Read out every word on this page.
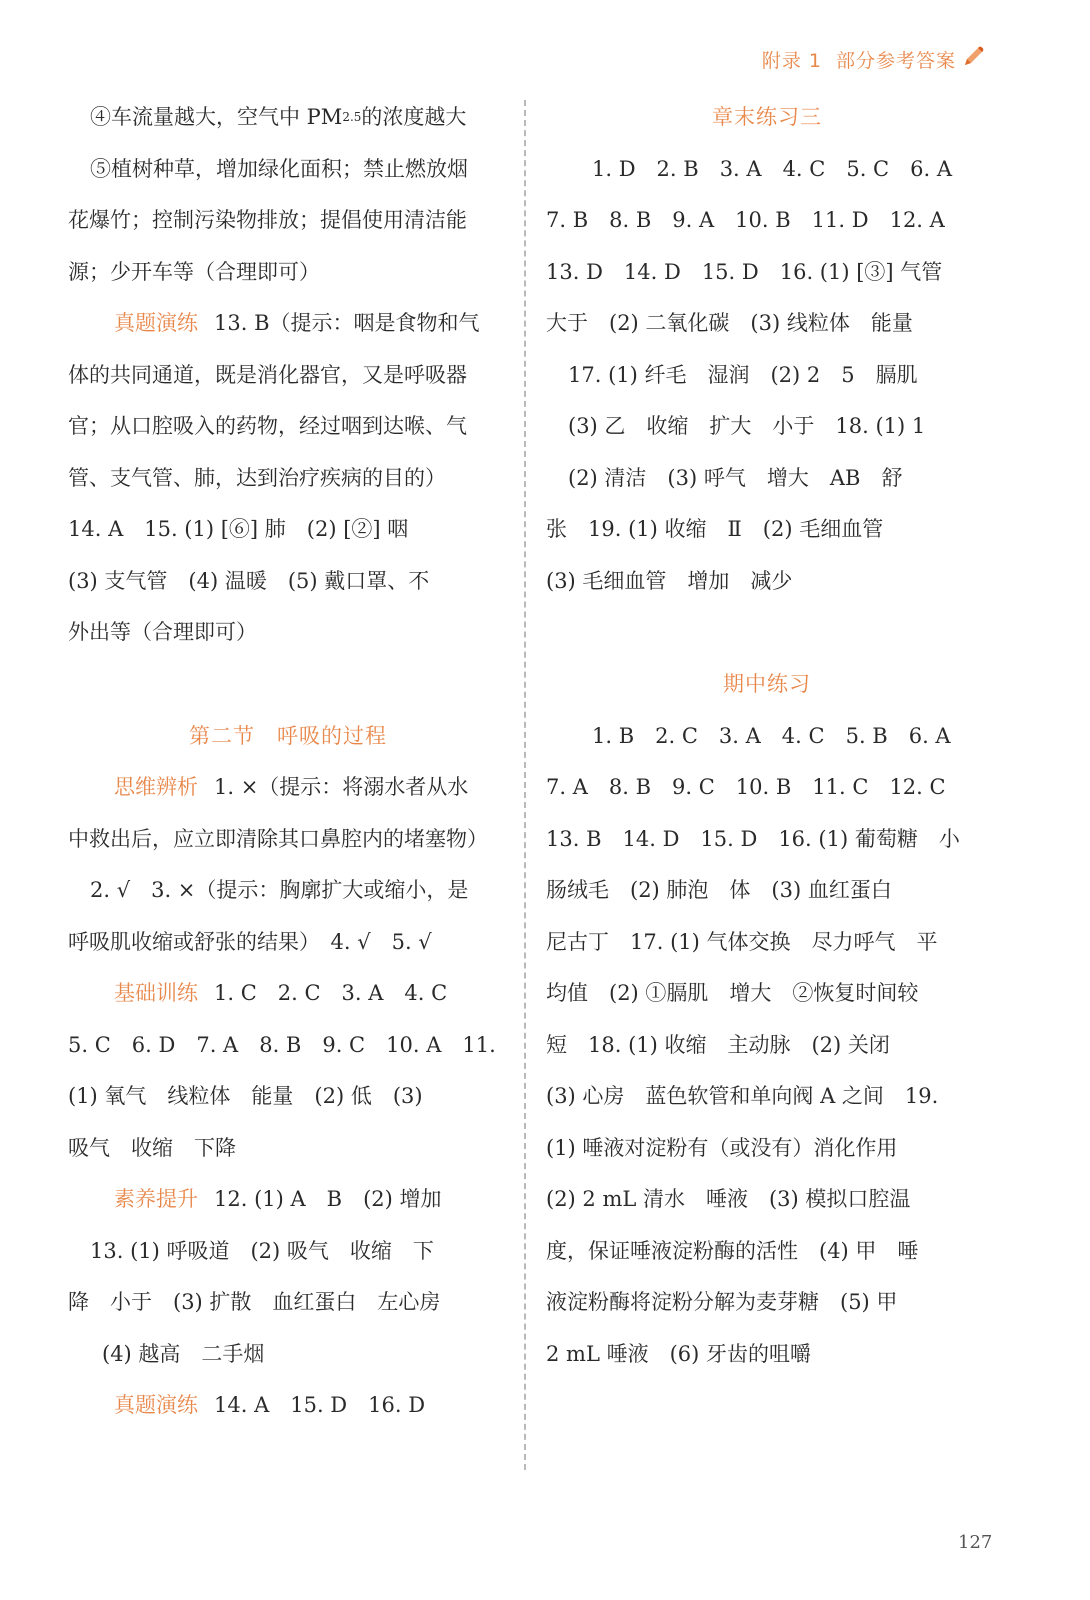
附录 1 部分参考答案
④车流量越大，空气中 PM 2.5 的浓度越大
⑤植树种草，增加绿化面积；禁止燃放烟
花爆竹；控制污染物排放；提倡使用清洁能
源；少开车等（合理即可）
真题演练 13. B（提示：咽是食物和气
体的共同通道，既是消化器官，又是呼吸器
官；从口腔吸入的药物，经过咽到达喉、气
管、支气管、肺，达到治疗疾病的目的）
14. A　15. (1) [⑥] 肺　(2) [②] 咽
(3) 支气管　(4) 温暖　(5) 戴口罩、不
外出等（合理即可）
第二节　呼吸的过程
思维辨析 1. ×（提示：将溺水者从水
中救出后，应立即清除其口鼻腔内的堵塞物）
2. √　3. ×（提示：胸廓扩大或缩小，是
呼吸肌收缩或舒张的结果）　4. √　5. √
基础训练 1. C　2. C　3. A　4. C
5. C　6. D　7. A　8. B　9. C　10. A　11.
(1) 氧气　线粒体　能量　(2) 低　(3)
吸气　收缩　下降
素养提升 12. (1) A　B　(2) 增加
13. (1) 呼吸道　(2) 吸气　收缩　下
降　小于　(3) 扩散　血红蛋白　左心房
(4) 越高　二手烟
真题演练 14. A　15. D　16. D
章末练习三
1. D　2. B　3. A　4. C　5. C　6. A
7. B　8. B　9. A　10. B　11. D　12. A
13. D　14. D　15. D　16. (1) [③] 气管
大于　(2) 二氧化碳　(3) 线粒体　能量
17. (1) 纤毛　湿润　(2) 2　5　膈肌
(3) 乙　收缩　扩大　小于　18. (1) 1
(2) 清洁　(3) 呼气　增大　AB　舒
张　19. (1) 收缩　Ⅱ　(2) 毛细血管
(3) 毛细血管　增加　减少
期中练习
1. B　2. C　3. A　4. C　5. B　6. A
7. A　8. B　9. C　10. B　11. C　12. C
13. B　14. D　15. D　16. (1) 葡萄糖　小
肠绒毛　(2) 肺泡　体　(3) 血红蛋白
尼古丁　17. (1) 气体交换　尽力呼气　平
均值　(2) ①膈肌　增大　②恢复时间较
短　18. (1) 收缩　主动脉　(2) 关闭
(3) 心房　蓝色软管和单向阀 A 之间　19.
(1) 唾液对淀粉有（或没有）消化作用
(2) 2 mL 清水　唾液　(3) 模拟口腔温
度，保证唾液淀粉酶的活性　(4) 甲　唾
液淀粉酶将淀粉分解为麦芽糖　(5) 甲
2 mL 唾液　(6) 牙齿的咀嚼
127
